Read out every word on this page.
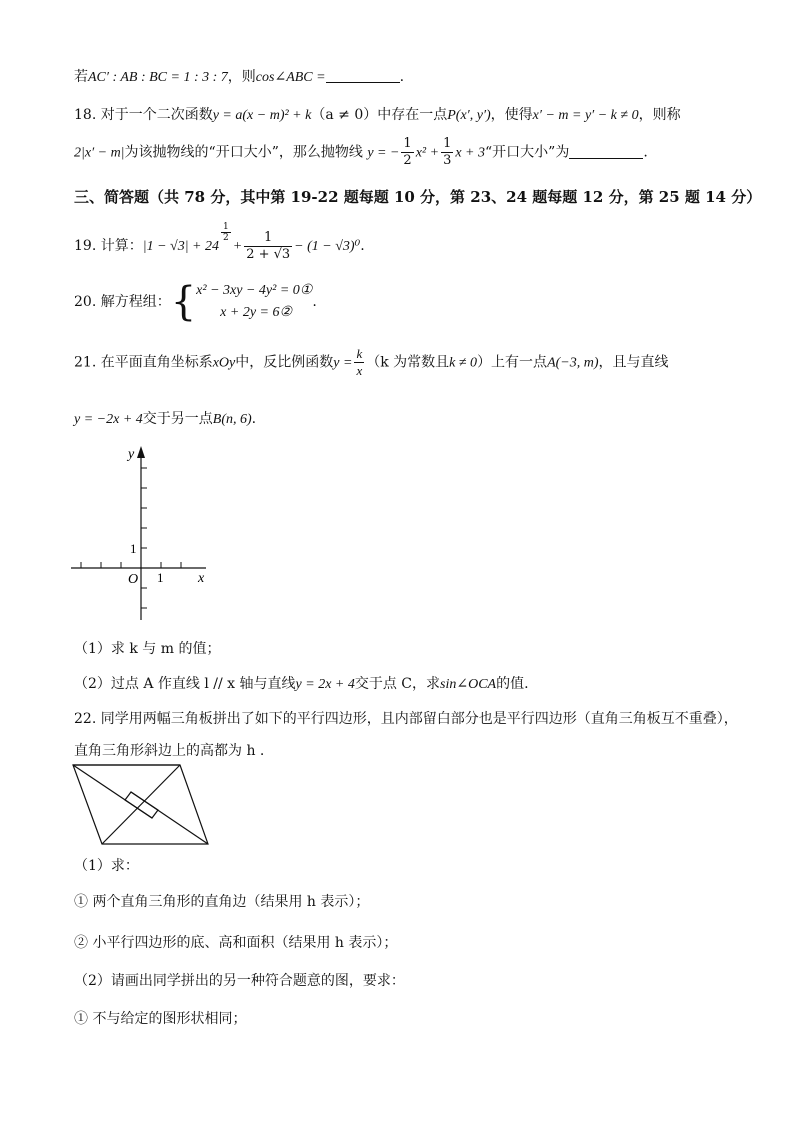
若AC′ : AB : BC = 1 : 3 : 7，则cos∠ABC =	.
18. 对于一个二次函数y = a(x − m)² + k（a ≠ 0）中存在一点P(x′, y′)，使得x′ − m = y′ − k ≠ 0，则称
2|x′ − m|为该抛物线的“开口大小”，那么抛物线 y = − $\frac{1}{2} x^2 + \frac{1}{3}$ x + 3“开口大小”为	.
三、简答题（共 78 分，其中第 19-22 题每题 10 分，第 23、24 题每题 12 分，第 25 题 14 分）
19. 计算：|1 − √3| + 24
$\frac{1}{2}$
+ $\frac{1}{2 + √3} - (1 - √3)^0$.
20. 解方程组：{ x² − 3xy − 4y² = 0①
x + 2y = 6②
.
21. 在平面直角坐标系xOy中，反比例函数$y = \frac{k}{x} (k$ 为常数且k ≠ 0）上有一点A(−3, m)，且与直线
y = −2x + 4交于另一点B(n, 6).
y
x
O 1
1
（1）求 k 与 m 的值；
（2）过点 A 作直线 l // x 轴与直线y = 2x + 4交于点 C，求sin∠OCA的值.
22. 同学用两幅三角板拼出了如下的平行四边形，且内部留白部分也是平行四边形（直角三角板互不重叠），
直角三角形斜边上的高都为 h .
（1）求：
① 两个直角三角形的直角边（结果用 h 表示）；
② 小平行四边形的底、高和面积（结果用 h 表示）；
（2）请画出同学拼出的另一种符合题意的图，要求：
① 不与给定的图形状相同；
